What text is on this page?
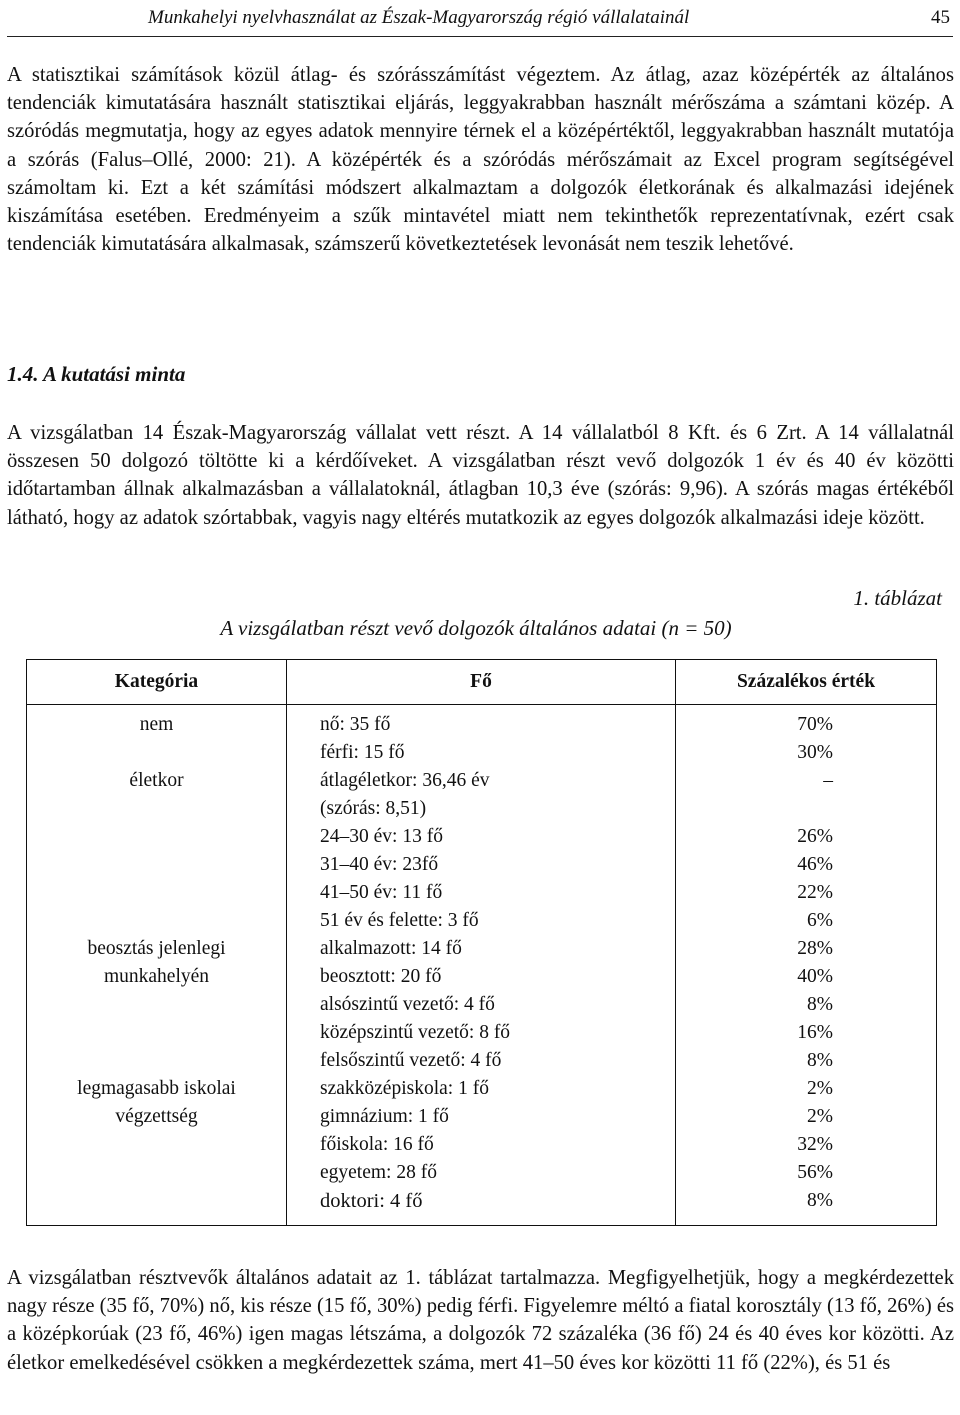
Munkahelyi nyelvhasználat az Észak-Magyarország régió vállalatainál	45

A statisztikai számítások közül átlag- és szórásszámítást végeztem. Az átlag, azaz középérték az általános tendenciák kimutatására használt statisztikai eljárás, leggyakrabban használt mérőszáma a számtani közép. A szóródás megmutatja, hogy az egyes adatok mennyire térnek el a középértéktől, leggyakrabban használt mutatója a szórás (Falus–Ollé, 2000: 21). A középérték és a szóródás mérőszámait az Excel program segítségével számoltam ki. Ezt a két számítási módszert alkalmaztam a dolgozók életkorának és alkalmazási idejének kiszámítása esetében. Eredményeim a szűk mintavétel miatt nem tekinthetők reprezentatívnak, ezért csak tendenciák kimutatására alkalmasak, számszerű következtetések levonását nem teszik lehetővé.

1.4. A kutatási minta

A vizsgálatban 14 Észak-Magyarország vállalat vett részt. A 14 vállalatból 8 Kft. és 6 Zrt. A 14 vállalatnál összesen 50 dolgozó töltötte ki a kérdőíveket. A vizsgálatban részt vevő dolgozók 1 év és 40 év közötti időtartamban állnak alkalmazásban a vállalatoknál, átlagban 10,3 éve (szórás: 9,96). A szórás magas értékéből látható, hogy az adatok szórtabbak, vagyis nagy eltérés mutatkozik az egyes dolgozók alkalmazási ideje között.

1. táblázat
A vizsgálatban részt vevő dolgozók általános adatai (n = 50)
Kategória	Fő	Százalékos érték
nem	nő: 35 fő	70%
	férfi: 15 fő	30%
életkor	átlagéletkor: 36,46 év	–
	(szórás: 8,51)	
	24–30 év: 13 fő	26%
	31–40 év: 23fő	46%
	41–50 év: 11 fő	22%
	51 év és felette: 3 fő	6%
beosztás jelenlegi	alkalmazott: 14 fő	28%
munkahelyén	beosztott: 20 fő	40%
	alsószintű vezető: 4 fő	8%
	középszintű vezető: 8 fő	16%
	felsőszintű vezető: 4 fő	8%
legmagasabb iskolai	szakközépiskola: 1 fő	2%
végzettség	gimnázium: 1 fő	2%
	főiskola: 16 fő	32%
	egyetem: 28 fő	56%
	doktori: 4 fő	8%

A vizsgálatban résztvevők általános adatait az 1. táblázat tartalmazza. Megfigyelhetjük, hogy a megkérdezettek nagy része (35 fő, 70%) nő, kis része (15 fő, 30%) pedig férfi. Figyelemre méltó a fiatal korosztály (13 fő, 26%) és a középkorúak (23 fő, 46%) igen magas létszáma, a dolgozók 72 százaléka (36 fő) 24 és 40 éves kor közötti. Az életkor emelkedésével csökken a megkérdezettek száma, mert 41–50 éves kor közötti 11 fő (22%), és 51 és
